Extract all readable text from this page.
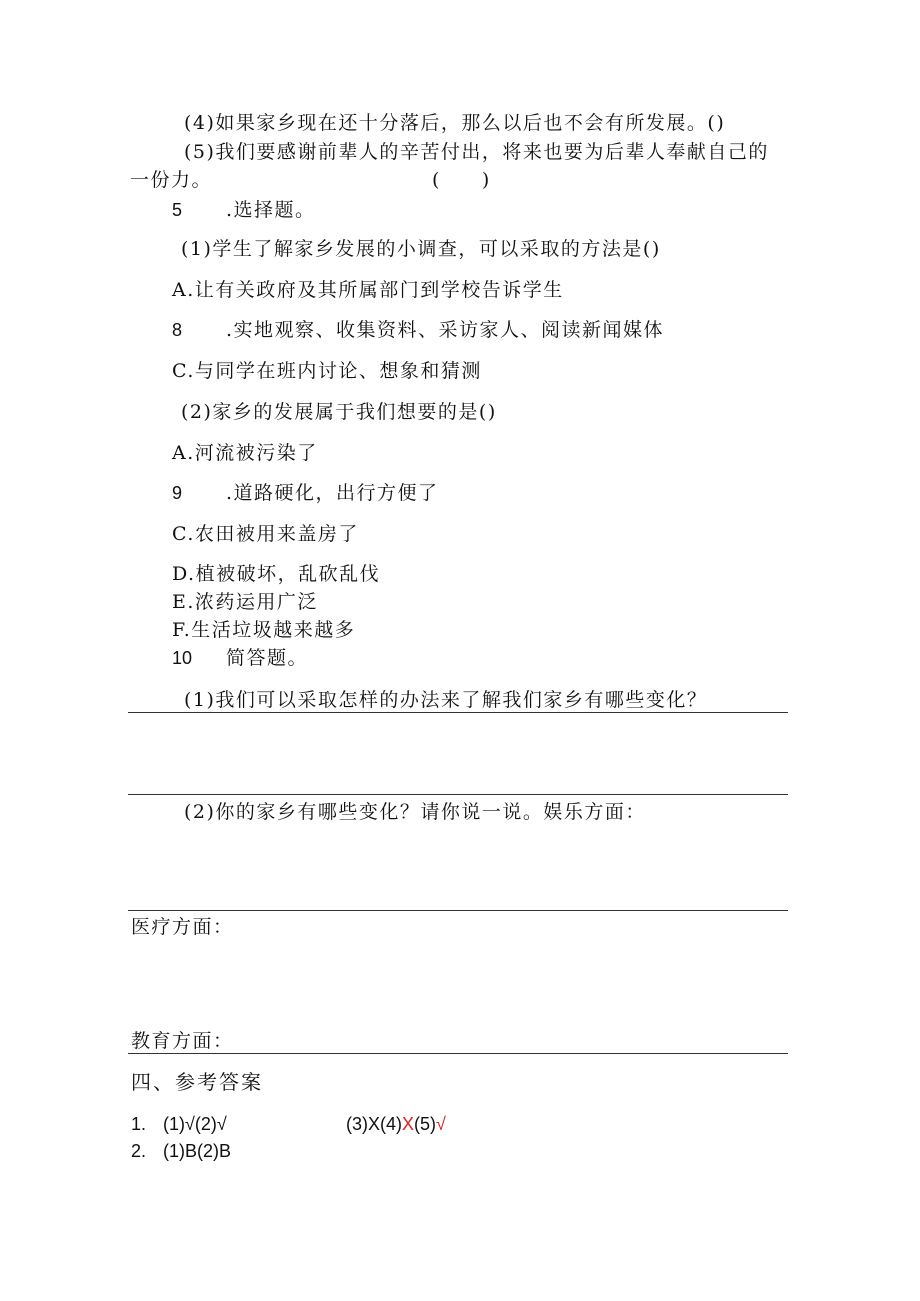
(4)如果家乡现在还十分落后，那么以后也不会有所发展。()
(5)我们要感谢前辈人的辛苦付出，将来也要为后辈人奉献自己的
一份力。	(　　)
5 .选择题。
(1)学生了解家乡发展的小调查，可以采取的方法是()
A.让有关政府及其所属部门到学校告诉学生
8 .实地观察、收集资料、采访家人、阅读新闻媒体
C.与同学在班内讨论、想象和猜测
(2)家乡的发展属于我们想要的是()
A.河流被污染了
9 .道路硬化，出行方便了
C.农田被用来盖房了
D.植被破坏，乱砍乱伐
E.浓药运用广泛
F.生活垃圾越来越多
10 简答题。
(1)我们可以采取怎样的办法来了解我们家乡有哪些变化？
(2)你的家乡有哪些变化？请你说一说。娱乐方面：
医疗方面：
教育方面：
四、参考答案
1. (1)√(2)√	(3)X(4)X(5)√
2. (1)B(2)B
